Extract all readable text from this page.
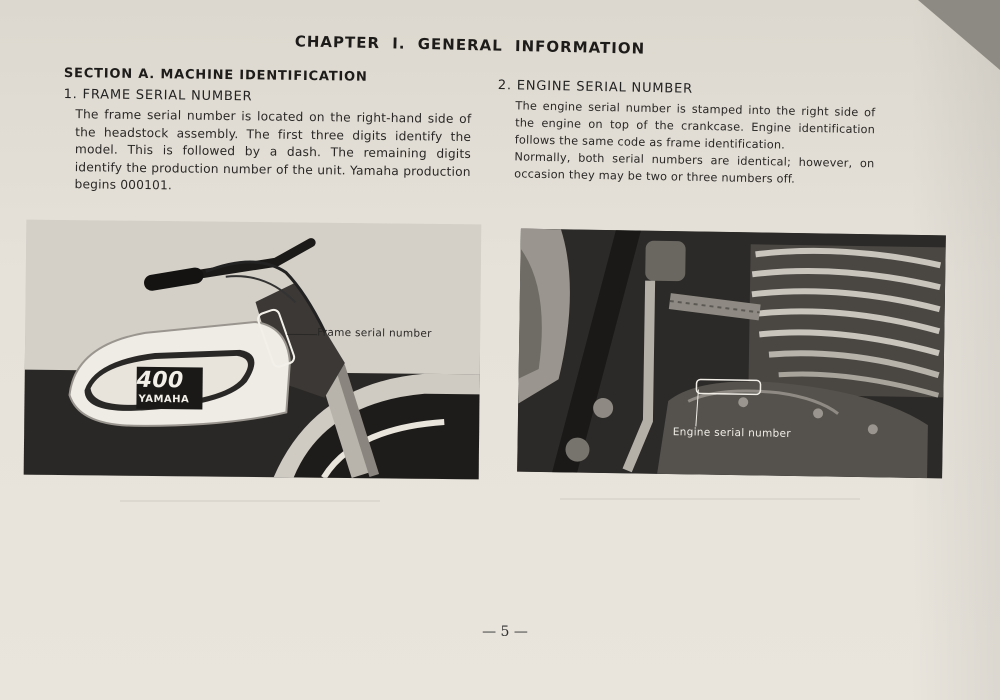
CHAPTER I. GENERAL INFORMATION
SECTION A. MACHINE IDENTIFICATION
1. FRAME SERIAL NUMBER

The frame serial number is located on the right-hand side of the headstock assembly. The first three digits identify the model. This is followed by a dash. The remaining digits identify the production number of the unit. Yamaha production begins 000101.

2. ENGINE SERIAL NUMBER

The engine serial number is stamped into the right side of the engine on top of the crankcase. Engine identification follows the same code as frame identification.

Normally, both serial numbers are identical; however, on occasion they may be two or three numbers off.

400
YAMAHA
Frame serial number
Engine serial number
— 5 —
